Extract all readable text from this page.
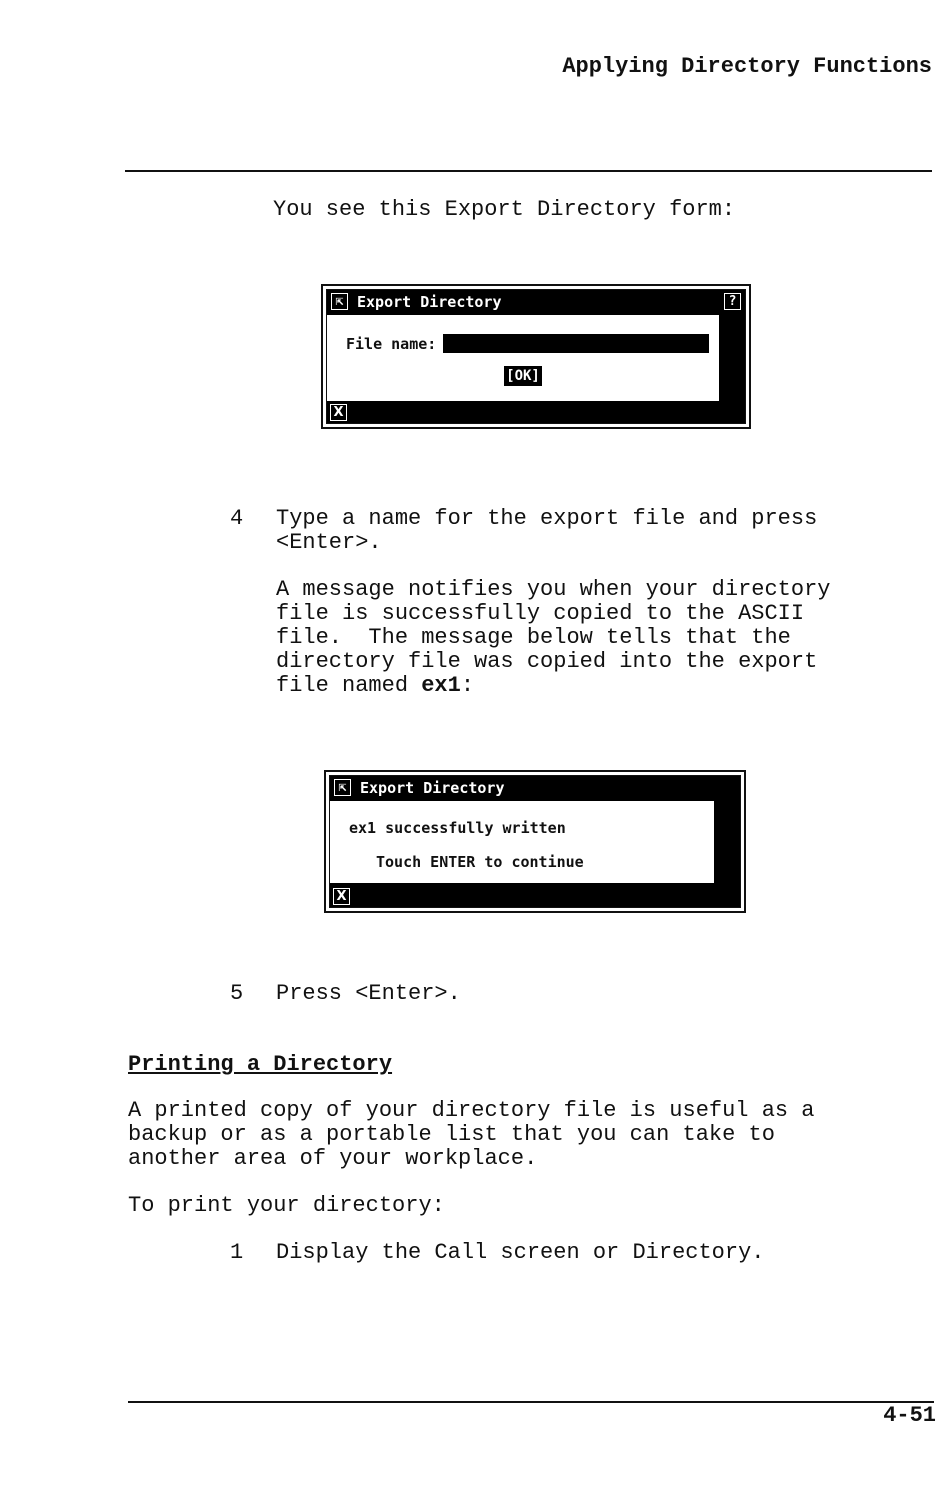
Applying Directory Functions
You see this Export Directory form:
⇱ Export Directory	?
X
File name:
[OK]
4 Type a name for the export file and press
<Enter>.
A message notifies you when your directory
file is successfully copied to the ASCII
file.  The message below tells that the
directory file was copied into the export
file named ex1:
⇱ Export Directory
X
ex1 successfully written
Touch ENTER to continue
5 Press <Enter>.
Printing a Directory
A printed copy of your directory file is useful as a
backup or as a portable list that you can take to
another area of your workplace.
To print your directory:
1 Display the Call screen or Directory.
4-51
